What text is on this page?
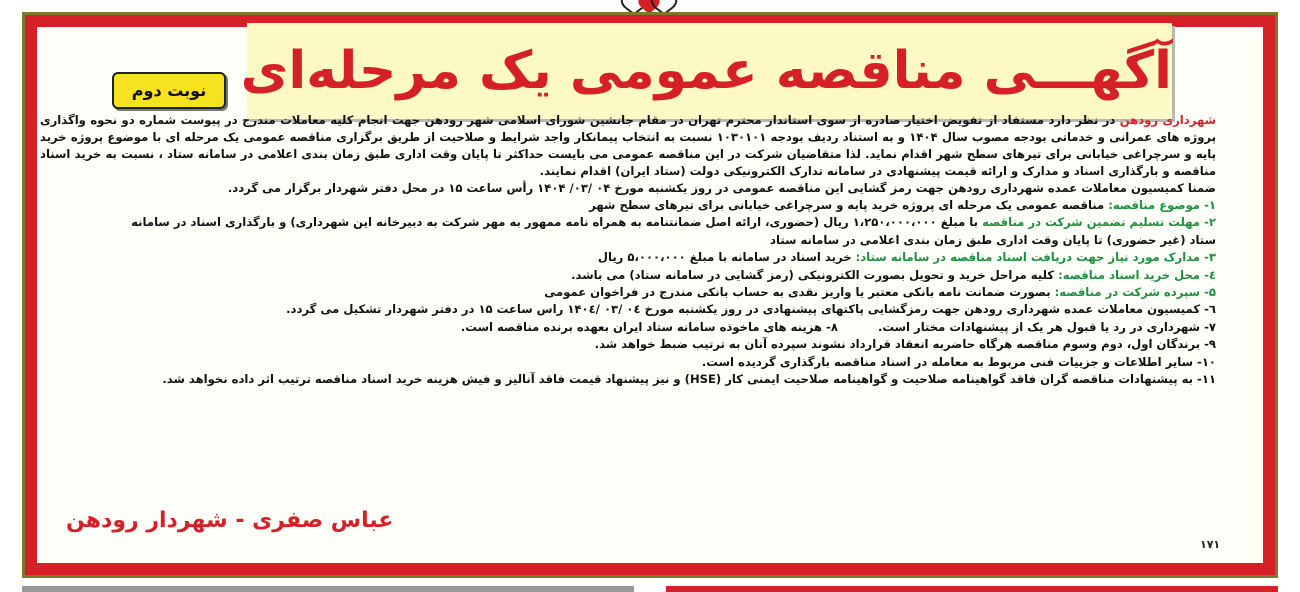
آگهـــی مناقصه عمومی یک مرحله‌ای
نوبت دوم

شهرداری رودهن در نظر دارد مستفاد از تفویض اختیار صادره از سوی استاندار محترم تهران در مقام جانشین شورای اسلامی شهر رودهن جهت انجام کلیه معاملات مندرج در پیوست شماره دو نحوه واگذاری پروژه های عمرانی و خدماتی بودجه مصوب سال ۱۴۰۴ و به استناد ردیف بودجه ۱۰۳۰۱۰۱ نسبت به انتخاب پیمانکار واجد شرایط و صلاحیت از طریق برگزاری مناقصه عمومی یک مرحله ای با موضوع پروژه خرید پایه و سرچراغی خیابانی برای تیرهای سطح شهر اقدام نماید. لذا متقاضیان شرکت در این مناقصه عمومی می بایست حداکثر تا پایان وقت اداری طبق زمان بندی اعلامی در سامانه ستاد ، نسبت به خرید اسناد مناقصه و بارگذاری اسناد و مدارک و ارائه قیمت پیشنهادی در سامانه تدارک الکترونیکی دولت (ستاد ایران) اقدام نمایند.

ضمنا کمیسیون معاملات عمده شهرداری رودهن جهت رمز گشایی این مناقصه عمومی در روز یکشنبه مورخ ۰۴ /۰۳/ ۱۴۰۴ رأس ساعت ۱۵ در محل دفتر شهردار برگزار می گردد.

۱- موضوع مناقصه: مناقصه عمومی یک مرحله ای پروژه خرید پایه و سرچراغی خیابانی برای تیرهای سطح شهر

۲- مهلت تسلیم تضمین شرکت در مناقصه با مبلغ ۱،۲۵۰،۰۰۰،۰۰۰ ریال (حضوری، ارائه اصل ضمانتنامه به همراه نامه ممهور به مهر شرکت به دبیرخانه این شهرداری) و بارگذاری اسناد در سامانه

ستاد (غیر حضوری) تا پایان وقت اداری طبق زمان بندی اعلامی در سامانه ستاد

۳- مدارک مورد نیاز جهت دریافت اسناد مناقصه در سامانه ستاد: خرید اسناد در سامانه با مبلغ ۵،۰۰۰،۰۰۰ ریال

٤- محل خرید اسناد مناقصه: کلیه مراحل خرید و تحویل بصورت الکترونیکی (رمز گشایی در سامانه ستاد) می باشد.

۵- سپرده شرکت در مناقصه: بصورت ضمانت نامه بانکی معتبر یا واریز نقدی به حساب بانکی مندرج در فراخوان عمومی

٦- کمیسیون معاملات عمده شهرداری رودهن جهت رمزگشایی پاکتهای پیشنهادی در روز یکشنبه مورخ ۰٤ /۰۳ /۱۴۰٤ راس ساعت ۱۵ در دفتر شهردار تشکیل می گردد.

۷- شهرداری در رد یا قبول هر یک از پیشنهادات مختار است.
۸- هزینه های ماخوذه سامانه ستاد ایران بعهده برنده مناقصه است.

۹- برندگان اول، دوم وسوم مناقصه هرگاه حاضربه انعقاد قرارداد نشوند سپرده آنان به ترتیب ضبط خواهد شد.

۱۰- سایر اطلاعات و جزییات فنی مربوط به معامله در اسناد مناقصه بارگذاری گردیده است.

۱۱- به پیشنهادات مناقصه گران فاقد گواهینامه صلاحیت و گواهینامه صلاحیت ایمنی کار (HSE) و نیز پیشنهاد قیمت فاقد آنالیز و فیش هزینه خرید اسناد مناقصه ترتیب اثر داده نخواهد شد.

عباس صفری - شهردار رودهن
۱۷۱
